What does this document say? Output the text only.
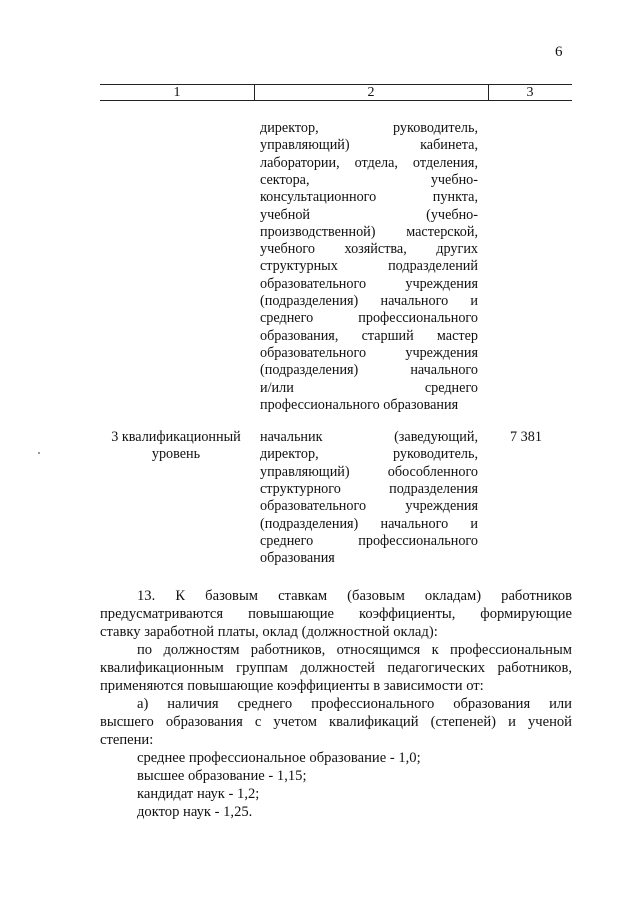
6
1	2	3
директор, руководитель,
управляющий) кабинета,
лаборатории, отдела, отделения,
сектора, учебно-
консультационного пункта,
учебной (учебно-
производственной) мастерской,
учебного хозяйства, других
структурных подразделений
образовательного учреждения
(подразделения) начального и
среднего профессионального
образования, старший мастер
образовательного учреждения
(подразделения) начального
и/или среднего
профессионального образования
3 квалификационный
уровень
начальник (заведующий,
директор, руководитель,
управляющий) обособленного
структурного подразделения
образовательного учреждения
(подразделения) начального и
среднего профессионального
образования
7 381
13. К базовым ставкам (базовым окладам) работников
предусматриваются повышающие коэффициенты, формирующие
ставку заработной платы, оклад (должностной оклад):
по должностям работников, относящимся к профессиональным
квалификационным группам должностей педагогических работников,
применяются повышающие коэффициенты в зависимости от:
а) наличия среднего профессионального образования или
высшего образования с учетом квалификаций (степеней) и ученой
степени:
среднее профессиональное образование - 1,0;
высшее образование - 1,15;
кандидат наук - 1,2;
доктор наук - 1,25.
